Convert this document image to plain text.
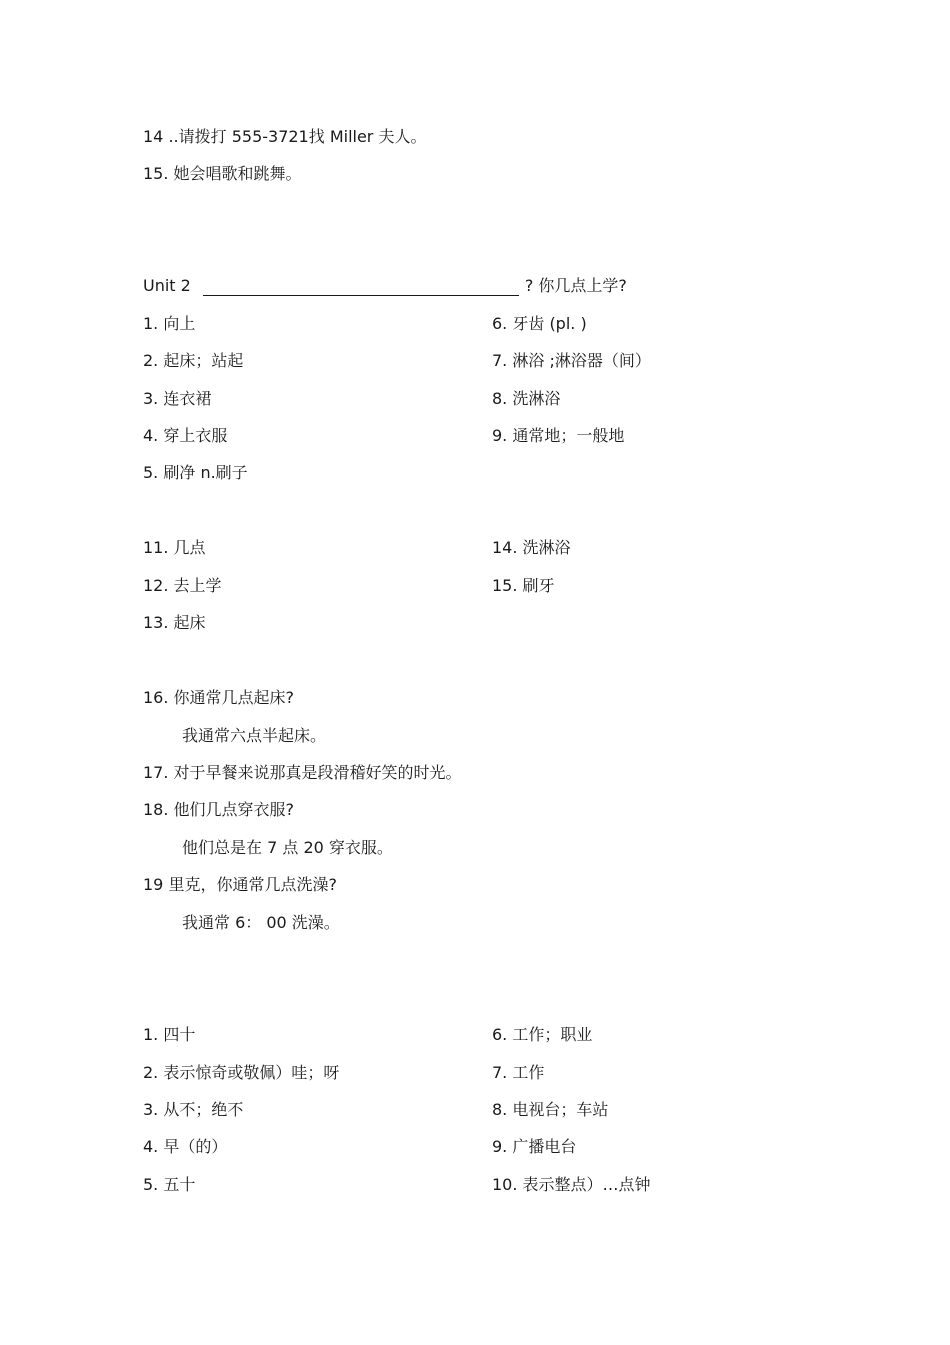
14 ..请拨打 555-3721找 Miller 夫人。
15. 她会唱歌和跳舞。
Unit 2	? 你几点上学?
1. 向上
2. 起床；站起
3. 连衣裙
4. 穿上衣服
5. 刷净 n.刷子
6. 牙齿 (pl. )
7. 淋浴 ;淋浴器（间）
8. 洗淋浴
9. 通常地；一般地
11. 几点
12. 去上学
13. 起床
14. 洗淋浴
15. 刷牙
16. 你通常几点起床?
我通常六点半起床。
17. 对于早餐来说那真是段滑稽好笑的时光。
18. 他们几点穿衣服?
他们总是在 7 点 20 穿衣服。
19 里克，你通常几点洗澡?
我通常 6： 00 洗澡。
1. 四十
2. 表示惊奇或敬佩）哇；呀
3. 从不；绝不
4. 早（的）
5. 五十
6. 工作；职业
7. 工作
8. 电视台；车站
9. 广播电台
10. 表示整点）…点钟
